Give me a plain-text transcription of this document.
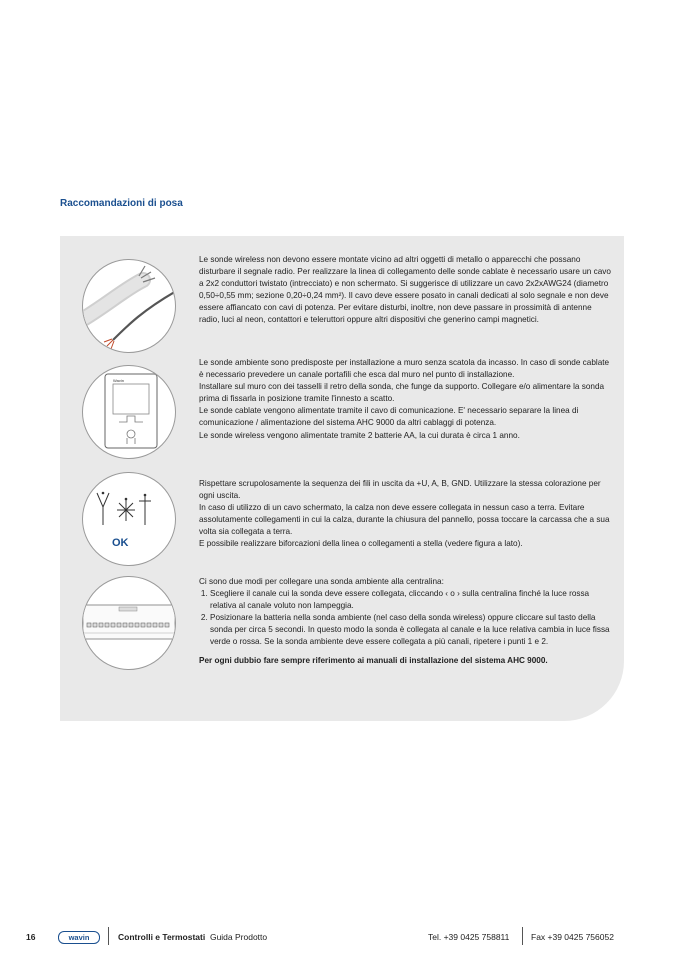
Raccomandazioni di posa
Wavin
OK

Le sonde wireless non devono essere montate vicino ad altri oggetti di metallo o apparecchi che possano disturbare il segnale radio. Per realizzare la linea di collegamento delle sonde cablate è necessario usare un cavo a 2x2 conduttori twistato (intrecciato) e non schermato. Si suggerisce di utilizzare un cavo 2x2xAWG24 (diametro 0,50÷0,55 mm; sezione 0,20÷0,24 mm²). Il cavo deve essere posato in canali dedicati al solo segnale e non deve essere affiancato con cavi di potenza. Per evitare disturbi, inoltre, non deve passare in prossimità di antenne radio, luci al neon, contattori e teleruttori oppure altri dispositivi che generino campi magnetici.

Le sonde ambiente sono predisposte per installazione a muro senza scatola da incasso. In caso di sonde cablate è necessario prevedere un canale portafili che esca dal muro nel punto di installazione.

Installare sul muro con dei tasselli il retro della sonda, che funge da supporto. Collegare e/o alimentare la sonda prima di fissarla in posizione tramite l'innesto a scatto.

Le sonde cablate vengono alimentate tramite il cavo di comunicazione. E' necessario separare la linea di comunicazione / alimentazione del sistema AHC 9000 da altri cablaggi di potenza.

Le sonde wireless vengono alimentate tramite 2 batterie AA, la cui durata è circa 1 anno.

Rispettare scrupolosamente la sequenza dei fili in uscita da +U, A, B, GND. Utilizzare la stessa colorazione per ogni uscita.

In caso di utilizzo di un cavo schermato, la calza non deve essere collegata in nessun caso a terra. Evitare assolutamente collegamenti in cui la calza, durante la chiusura del pannello, possa toccare la carcassa che a sua volta sia collegata a terra.

E possibile realizzare biforcazioni della linea o collegamenti a stella (vedere figura a lato).

Ci sono due modi per collegare una sonda ambiente alla centralina:

1. Scegliere il canale cui la sonda deve essere collegata, cliccando ‹ o › sulla centralina finché la luce rossa relativa al canale voluto non lampeggia.
2. Posizionare la batteria nella sonda ambiente (nel caso della sonda wireless) oppure cliccare sul tasto della sonda per circa 5 secondi. In questo modo la sonda è collegata al canale e la luce relativa cambia in luce fissa verde o rossa. Se la sonda ambiente deve essere collegata a più canali, ripetere i punti 1 e 2.

Per ogni dubbio fare sempre riferimento ai manuali di installazione del sistema AHC 9000.

16	wavin	Controlli e Termostati Guida Prodotto	Tel. +39 0425 758811	Fax +39 0425 756052
